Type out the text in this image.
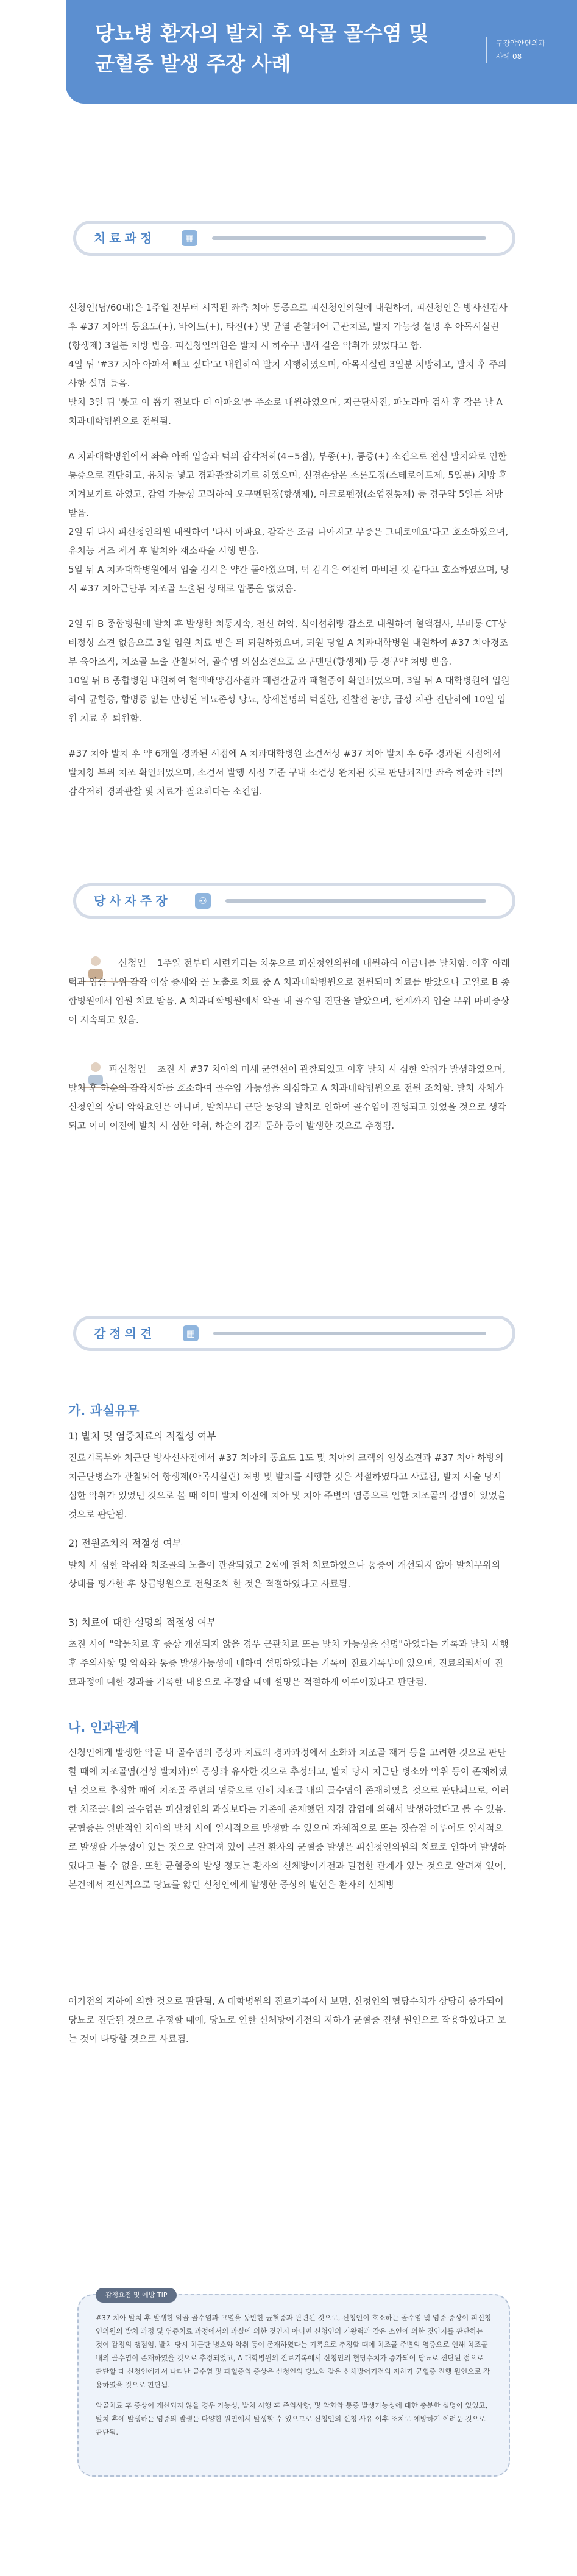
당뇨병 환자의 발치 후 악골 골수염 및
균혈증 발생 주장 사례
구강악안면외과
사례 08
치료과정	▦

신청인(남/60대)은 1주일 전부터 시작된 좌측 치아 통증으로 피신청인의원에 내원하여, 피신청인은 방사선검사 후 #37 치아의 동요도(+), 바이트(+), 타진(+) 및 균열 관찰되어 근관치료, 발치 가능성 설명 후 아목시실린(항생제) 3일분 처방 받음. 피신청인의원은 발치 시 하수구 냄새 같은 악취가 있었다고 함.
4일 뒤 '#37 치아 아파서 빼고 싶다'고 내원하여 발치 시행하였으며, 아목시실린 3일분 처방하고, 발치 후 주의사항 설명 들음.
발치 3일 뒤 '붓고 이 뽑기 전보다 더 아파요'를 주소로 내원하였으며, 지근단사진, 파노라마 검사 후 잡은 날 A 치과대학병원으로 전원됨.

A 치과대학병원에서 좌측 아래 입술과 턱의 감각저하(4~5점), 부종(+), 통증(+) 소견으로 전신 발치와로 인한 통증으로 진단하고, 유치능 넣고 경과관찰하기로 하였으며, 신경손상은 소론도정(스테로이드제, 5일분) 처방 후 지켜보기로 하였고, 감염 가능성 고려하여 오구멘틴정(항생제), 아크로펜정(소염진통제) 등 경구약 5일분 처방 받음.
2일 뒤 다시 피신청인의원 내원하여 '다시 아파요, 감각은 조금 나아지고 부종은 그대로에요'라고 호소하였으며, 유치능 거즈 제거 후 발치와 재소파술 시행 받음.
5일 뒤 A 치과대학병원에서 입술 감각은 약간 돌아왔으며, 턱 감각은 여전히 마비된 것 같다고 호소하였으며, 당시 #37 치아근단부 치조골 노출된 상태로 압통은 없었음.

2일 뒤 B 종합병원에 발치 후 발생한 치통지속, 전신 허약, 식이섭취량 감소로 내원하여 혈액검사, 부비동 CT상 비정상 소견 없음으로 3일 입원 치료 받은 뒤 퇴원하였으며, 퇴원 당일 A 치과대학병원 내원하여 #37 치아경조부 육아조직, 치조골 노출 관찰되어, 골수염 의심소견으로 오구멘틴(항생제) 등 경구약 처방 받음.
10일 뒤 B 종합병원 내원하여 혈액배양검사결과 폐렴간균과 패혈증이 확인되었으며, 3일 뒤 A 대학병원에 입원하여 균혈증, 합병증 없는 만성된 비뇨존성 당뇨, 상세불명의 턱질환, 진찰전 농양, 급성 치관 진단하에 10일 입원 치료 후 퇴원함.

#37 치아 발치 후 약 6개월 경과된 시점에 A 치과대학병원 소견서상 #37 치아 발치 후 6주 경과된 시점에서 발치창 부위 치조 확인되었으며, 소견서 발행 시점 기준 구내 소견상 완치된 것로 판단되지만 좌측 하순과 턱의 감각저하 경과관찰 및 치료가 필요하다는 소견임.

당사자주장	⚇
신청인	1주일 전부터 시련거리는 치통으로 피신청인의원에 내원하여 어금니를 발치함. 이후 아래턱과 입술 부위 감각 이상 증세와 골 노출로 치료 중 A 치과대학병원으로 전원되어 치료를 받았으나 고열로 B 종합병원에서 입원 치료 받음, A 치과대학병원에서 악골 내 골수염 진단을 받았으며, 현재까지 입술 부위 마비증상이 지속되고 있음.
피신청인	초진 시 #37 치아의 미세 균열선이 관찰되었고 이후 발치 시 심한 악취가 발생하였으며, 발치 후 하순의 감각저하를 호소하여 골수염 가능성을 의심하고 A 치과대학병원으로 전원 조치함. 발치 자체가 신청인의 상태 악화요인은 아니며, 발치부터 근단 농양의 발치로 인하여 골수염이 진행되고 있었을 것으로 생각되고 이미 이전에 발치 시 심한 악취, 하순의 감각 둔화 등이 발생한 것으로 추정됨.
감정의견	▦
가. 과실유무
1) 발치 및 염증치료의 적절성 여부
진료기록부와 치근단 방사선사진에서 #37 치아의 동요도 1도 및 치아의 크랙의 임상소견과 #37 치아 하방의 치근단병소가 관찰되어 항생제(아목시실린) 처방 및 발치를 시행한 것은 적절하였다고 사료됨, 발치 시술 당시 심한 악취가 있었던 것으로 볼 때 이미 발치 이전에 치아 및 치아 주변의 염증으로 인한 치조골의 감염이 있었을 것으로 판단됨.
2) 전원조치의 적절성 여부
발치 시 심한 악취와 치조골의 노출이 관찰되었고 2회에 걸쳐 치료하였으나 통증이 개선되지 않아 발치부위의 상태를 평가한 후 상급병원으로 전원조치 한 것은 적절하였다고 사료됨.
3) 치료에 대한 설명의 적절성 여부
초진 시에 "약물치료 후 증상 개선되지 않을 경우 근관치료 또는 발치 가능성을 설명"하였다는 기록과 발치 시행 후 주의사항 및 약화와 통증 발생가능성에 대하여 설명하였다는 기록이 진료기록부에 있으며, 진료의뢰서에 진료과정에 대한 경과를 기록한 내용으로 추정할 때에 설명은 적절하게 이루어졌다고 판단됨.
나. 인과관계
신청인에게 발생한 악골 내 골수염의 증상과 치료의 경과과정에서 소화와 치조골 재거 등을 고려한 것으로 판단할 때에 치조골염(건성 발치와)의 증상과 유사한 것으로 추정되고, 발치 당시 치근단 병소와 악취 등이 존재하였던 것으로 추정할 때에 치조골 주변의 염증으로 인해 치조골 내의 골수염이 존재하였을 것으로 판단되므로, 이러한 치조골내의 골수염은 피신청인의 과실보다는 기존에 존재했던 지정 감염에 의해서 발생하였다고 볼 수 있음.
균혈증은 일반적인 치아의 발치 시에 일시적으로 발생할 수 있으며 자체적으로 또는 짓습검 이루어도 일시적으로 발생할 가능성이 있는 것으로 알려져 있어 본건 환자의 균혈증 발생은 피신청인의원의 치료로 인하여 발생하였다고 볼 수 없음, 또한 균혈증의 발생 정도는 환자의 신체방어기전과 밀접한 관계가 있는 것으로 알려져 있어, 본건에서 전신적으로 당뇨를 앓던 신청인에게 발생한 증상의 발현은 환자의 신체방
어기전의 저하에 의한 것으로 판단됨, A 대학병원의 진료기록에서 보면, 신청인의 혈당수치가 상당히 증가되어 당뇨로 진단된 것으로 추정할 때에, 당뇨로 인한 신체방어기전의 저하가 균혈증 진행 원인으로 작용하였다고 보는 것이 타당할 것으로 사료됨.
감정요점 및 예방 TIP

#37 치아 발치 후 발생한 악골 골수염과 고열을 동반한 균혈증과 관련된 것으로, 신청인이 호소하는 골수염 및 염증 증상이 피신청인의원의 발치 과정 및 염증치료 과정에서의 과실에 의한 것인지 아니면 신청인의 기왕력과 같은 소인에 의한 것인지를 판단하는 것이 감정의 쟁점임, 발치 당시 치근단 병소와 악취 등이 존재하였다는 기록으로 추정할 때에 치조골 주변의 염증으로 인해 치조골 내의 골수염이 존재하였을 것으로 추정되었고, A 대학병원의 진료기록에서 신청인의 혈당수치가 증가되어 당뇨로 진단된 점으로 판단할 때 신청인에게서 나타난 골수염 및 패혈증의 증상은 신청인의 당뇨와 같은 신체방어기전의 저하가 균혈증 진행 원인으로 작용하였을 것으로 판단됨.

악골치료 후 증상이 개선되지 않을 경우 가능성, 발치 시행 후 주의사항, 및 악화와 통증 발생가능성에 대한 충분한 설명이 있었고, 발치 후에 발생하는 염증의 발생은 다양한 원인에서 발생할 수 있으므로 신청인의 신청 사유 이후 조치로 예방하기 어려운 것으로 판단됨.
